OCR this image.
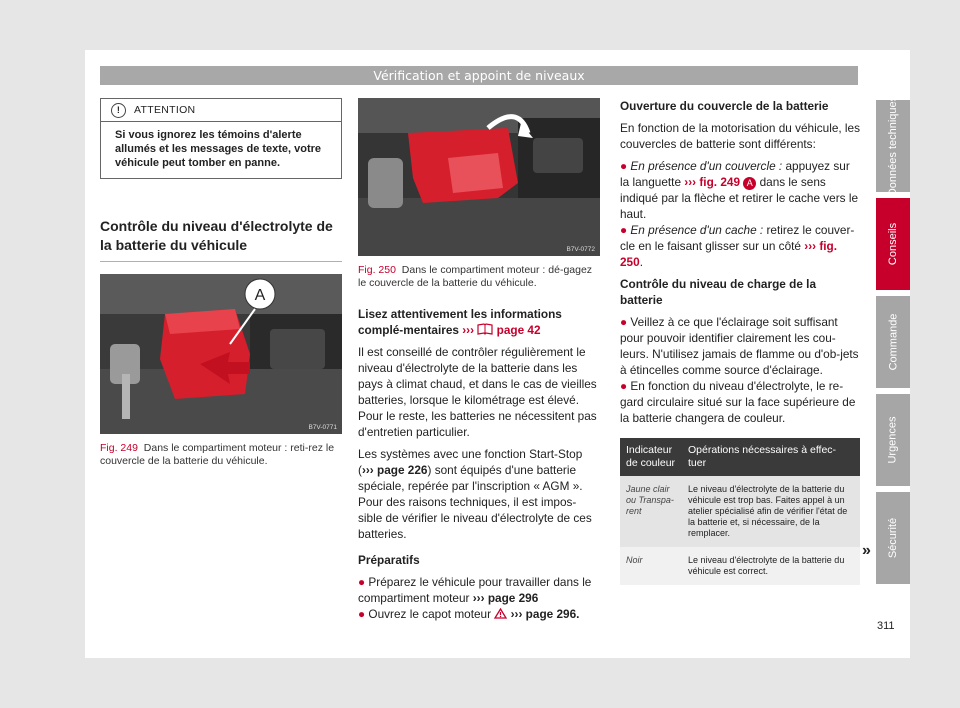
Vérification et appoint de niveaux
!	ATTENTION
Si vous ignorez les témoins d'alerte allumés et les messages de texte, votre véhicule peut tomber en panne.
Contrôle du niveau d'électrolyte de la batterie du véhicule
A
B7V-0771
Fig. 249 Dans le compartiment moteur : reti-rez le couvercle de la batterie du véhicule.
B7V-0772
Fig. 250 Dans le compartiment moteur : dé-gagez le couvercle de la batterie du véhicule.

Lisez attentivement les informations complé-mentaires ››› page 42

Il est conseillé de contrôler régulièrement le niveau d'électrolyte de la batterie dans les pays à climat chaud, et dans le cas de vieilles batteries, lorsque le kilométrage est élevé. Pour le reste, les batteries ne nécessitent pas d'entretien particulier.

Les systèmes avec une fonction Start-Stop (››› page 226) sont équipés d'une batterie spéciale, repérée par l'inscription « AGM ». Pour des raisons techniques, il est impos-sible de vérifier le niveau d'électrolyte de ces batteries.

Préparatifs

● Préparez le véhicule pour travailler dans le compartiment moteur ››› page 296

● Ouvrez le capot moteur ››› page 296.

Ouverture du couvercle de la batterie

En fonction de la motorisation du véhicule, les couvercles de batterie sont différents:

● En présence d'un couvercle : appuyez sur la languette ››› fig. 249 A dans le sens indiqué par la flèche et retirer le cache vers le haut.

● En présence d'un cache : retirez le couver-cle en le faisant glisser sur un côté ››› fig. 250.

Contrôle du niveau de charge de la batterie

● Veillez à ce que l'éclairage soit suffisant pour pouvoir identifier clairement les cou-leurs. N'utilisez jamais de flamme ou d'ob-jets à étincelles comme source d'éclairage.

● En fonction du niveau d'électrolyte, le re-gard circulaire situé sur la face supérieure de la batterie changera de couleur.

Indicateur de couleur	Opérations nécessaires à effec-tuer
Jaune clair ou Transpa-rent	Le niveau d'électrolyte de la batterie du véhicule est trop bas. Faites appel à un atelier spécialisé afin de vérifier l'état de la batterie et, si nécessaire, de la remplacer.
Noir	Le niveau d'électrolyte de la batterie du véhicule est correct.
»
Données techniques
Conseils
Commande
Urgences
Sécurité
311
